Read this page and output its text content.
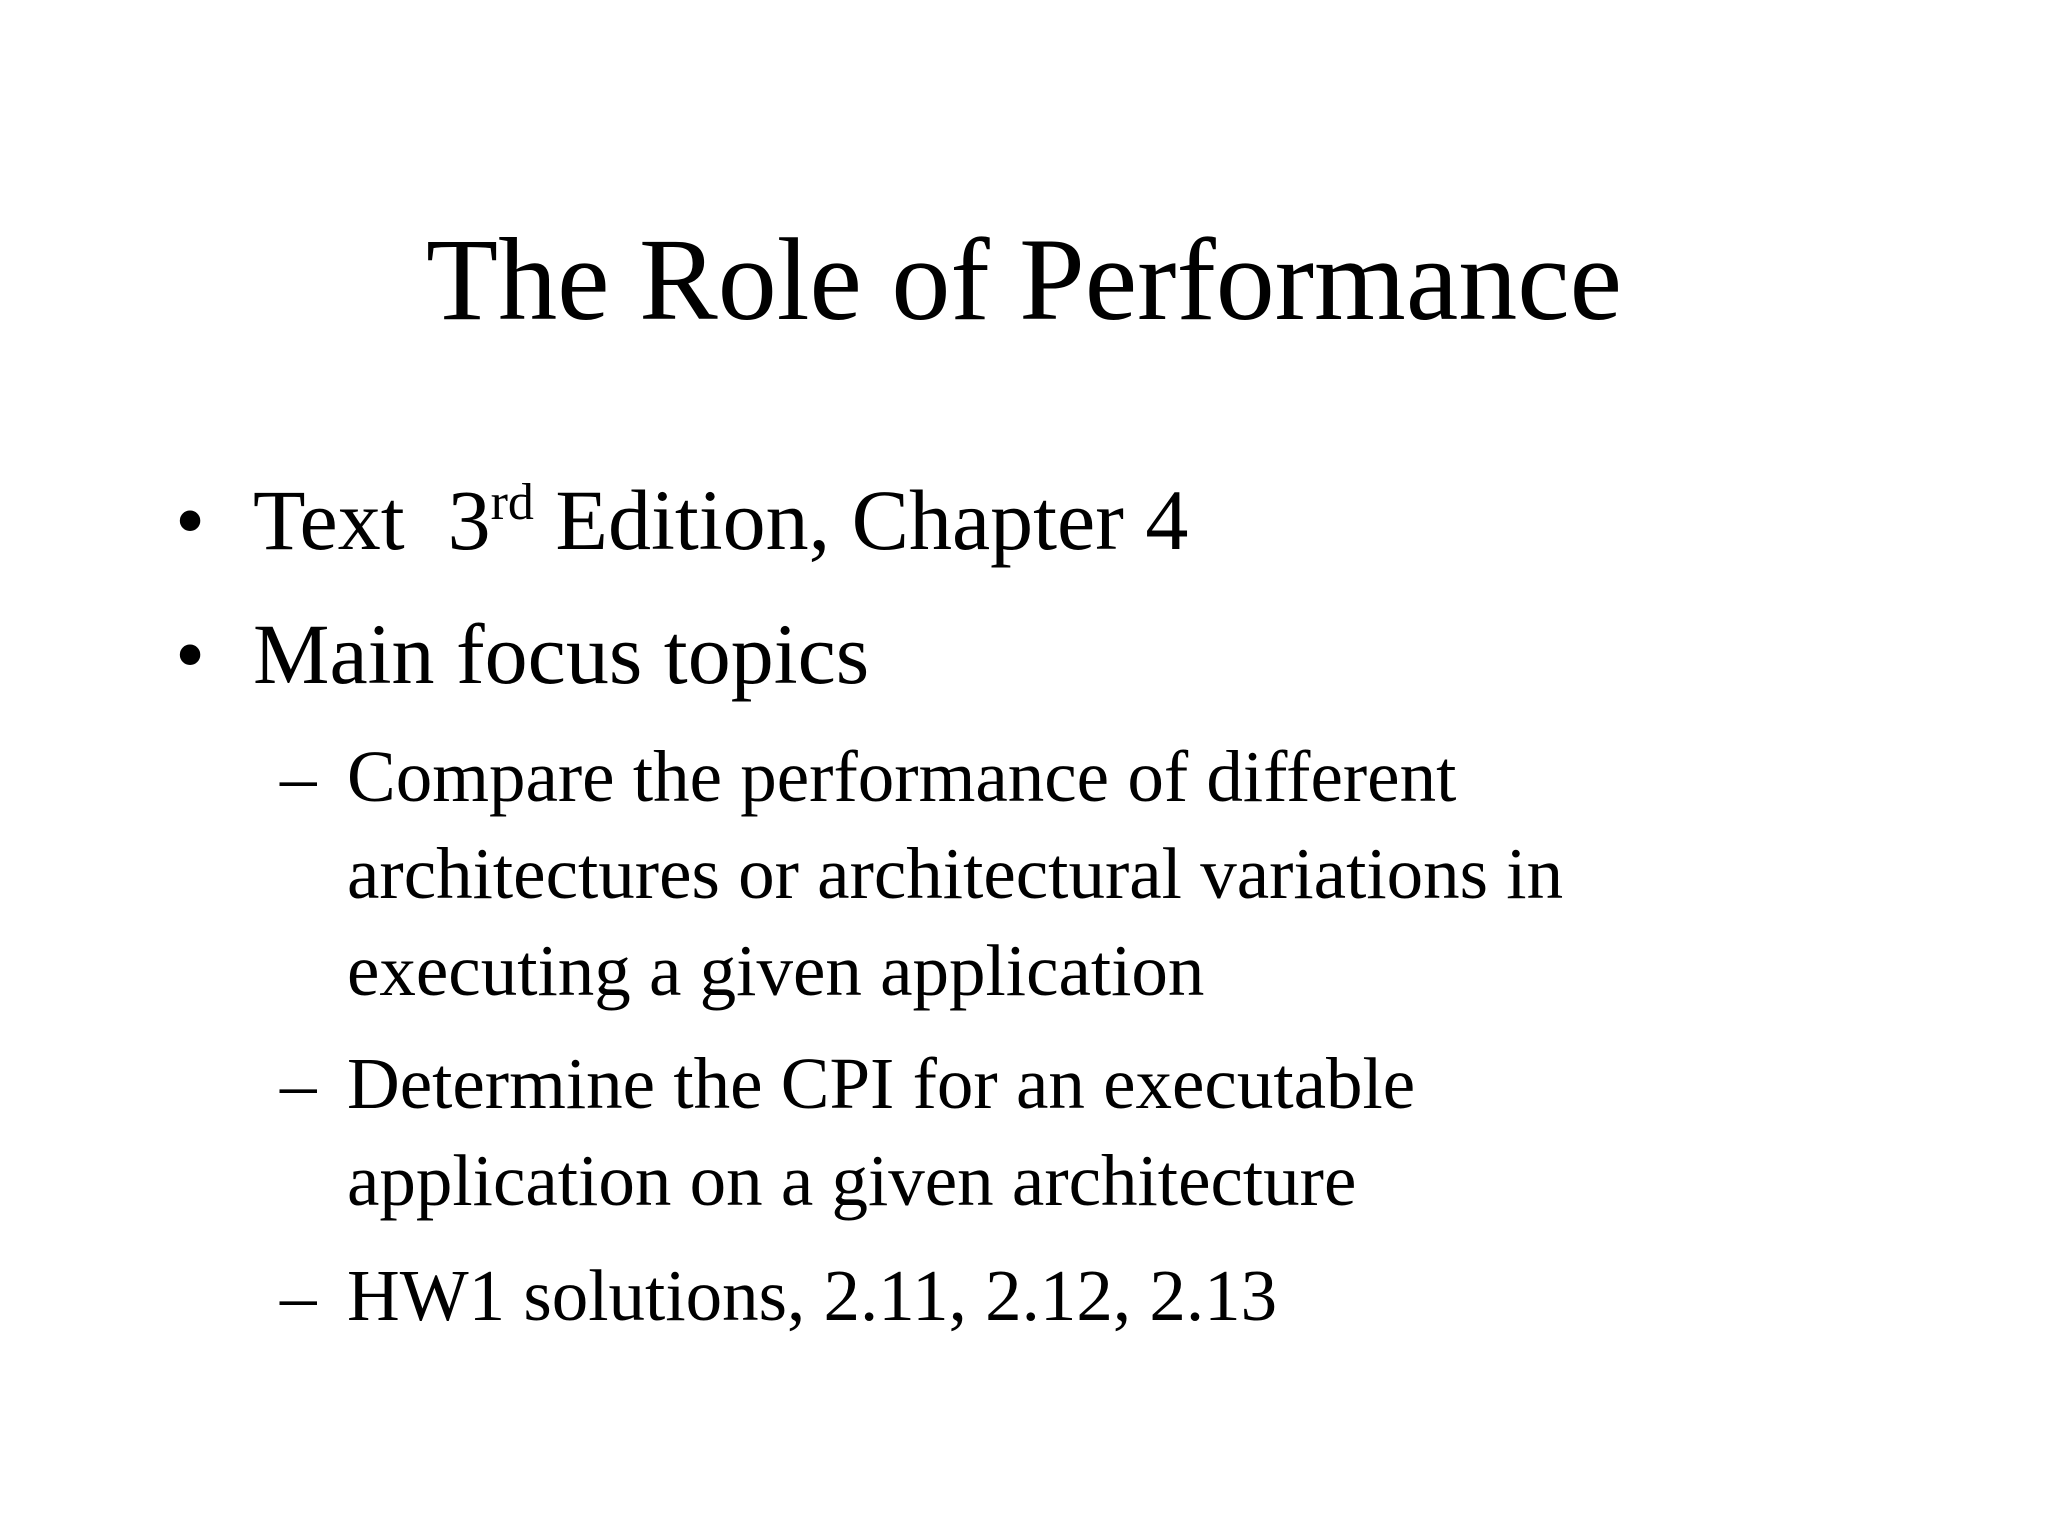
The Role of Performance
• Text  3rd Edition, Chapter 4
• Main focus topics
– Compare the performance of different
architectures or architectural variations in
executing a given application
– Determine the CPI for an executable
application on a given architecture
– HW1 solutions, 2.11, 2.12, 2.13
